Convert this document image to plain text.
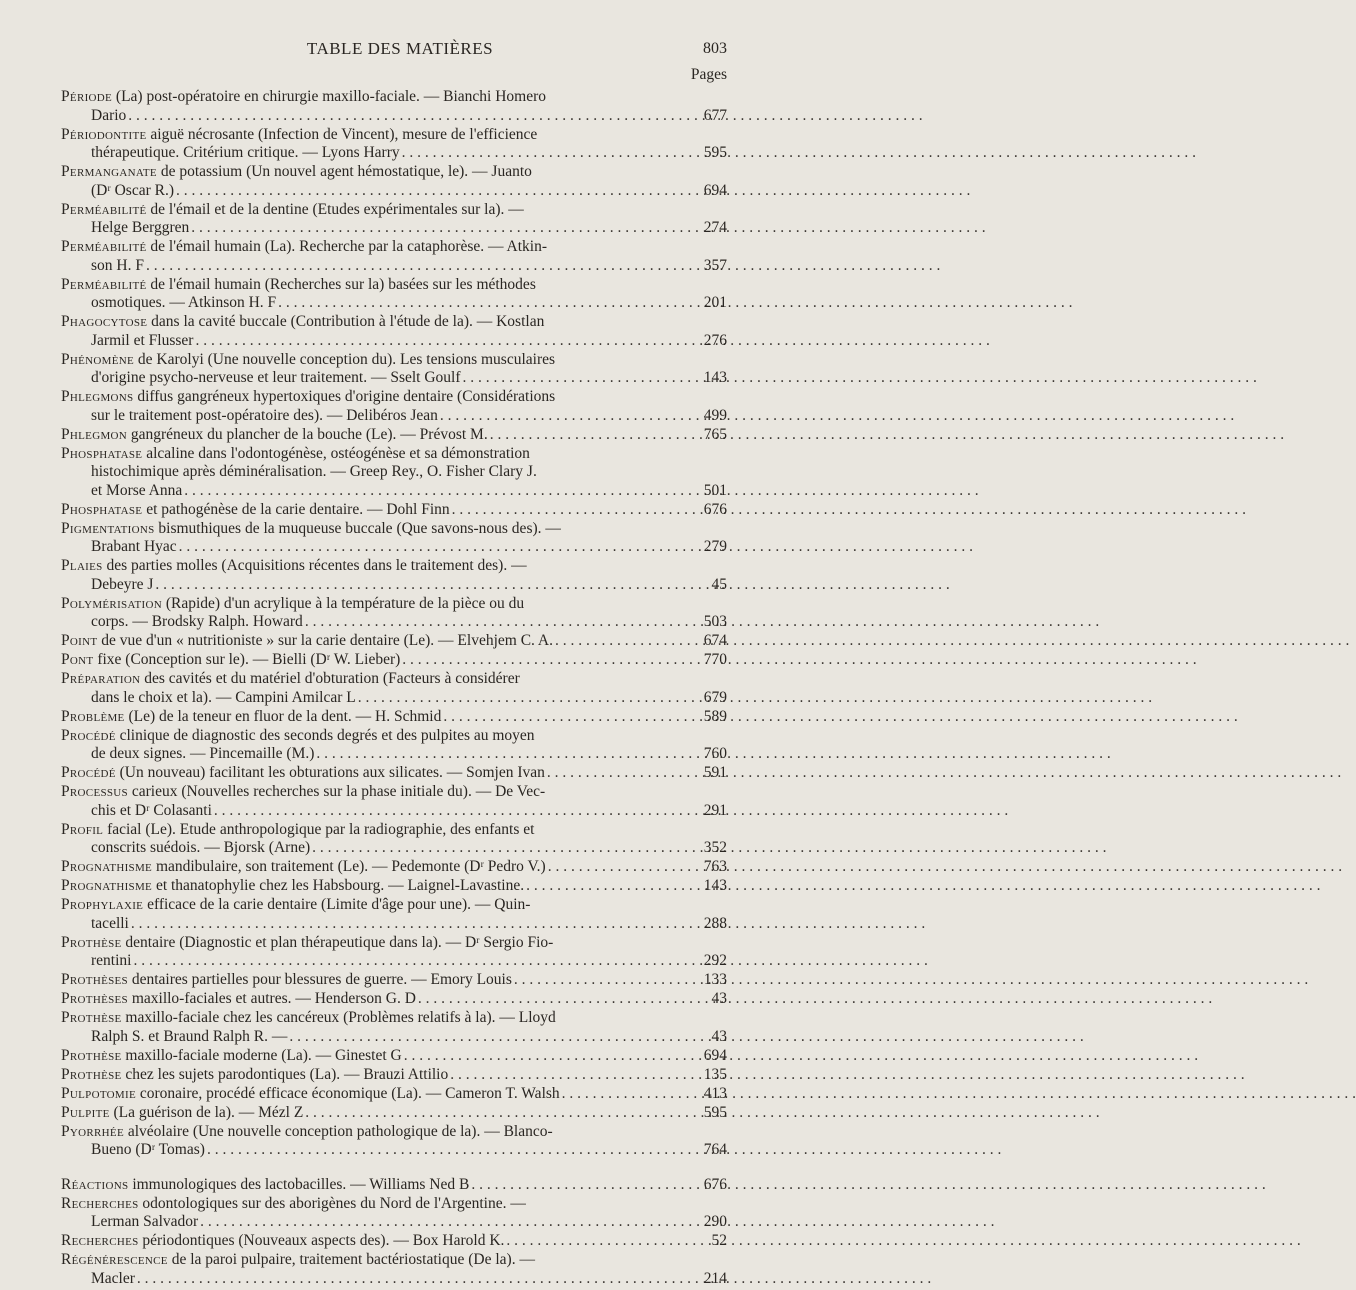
TABLE DES MATIÈRES	803
Pages
Période (La) post-opératoire en chirurgie maxillo-faciale. — Bianchi Homero
Dario . . .	677
Périodontite aiguë nécrosante (Infection de Vincent), mesure de l'efficience
thérapeutique. Critérium critique. — Lyons Harry . . .	595
Permanganate de potassium (Un nouvel agent hémostatique, le). — Juanto
(Dʳ Oscar R.) . . .	694
Perméabilité de l'émail et de la dentine (Etudes expérimentales sur la). —
Helge Berggren . . .	274
Perméabilité de l'émail humain (La). Recherche par la cataphorèse. — Atkin-
son H. F . . .	357
Perméabilité de l'émail humain (Recherches sur la) basées sur les méthodes
osmotiques. — Atkinson H. F . . .	201
Phagocytose dans la cavité buccale (Contribution à l'étude de la). — Kostlan
Jarmil et Flusser . . .	276
Phénomène de Karolyi (Une nouvelle conception du). Les tensions musculaires
d'origine psycho-nerveuse et leur traitement. — Sselt Goulf . . .	143
Phlegmons diffus gangréneux hypertoxiques d'origine dentaire (Considérations
sur le traitement post-opératoire des). — Delibéros Jean . . .	499
Phlegmon gangréneux du plancher de la bouche (Le). — Prévost M. . . .	765
Phosphatase alcaline dans l'odontogénèse, ostéogénèse et sa démonstration
histochimique après déminéralisation. — Greep Rey., O. Fisher Clary J.
et Morse Anna . . .	501
Phosphatase et pathogénèse de la carie dentaire. — Dohl Finn . . .	676
Pigmentations bismuthiques de la muqueuse buccale (Que savons-nous des). —
Brabant Hyac . . .	279
Plaies des parties molles (Acquisitions récentes dans le traitement des). —
Debeyre J . . .	45
Polymérisation (Rapide) d'un acrylique à la température de la pièce ou du
corps. — Brodsky Ralph. Howard . . .	503
Point de vue d'un « nutritioniste » sur la carie dentaire (Le). — Elvehjem C. A. . . .	674
Pont fixe (Conception sur le). — Bielli (Dʳ W. Lieber) . . .	770
Préparation des cavités et du matériel d'obturation (Facteurs à considérer
dans le choix et la). — Campini Amilcar L . . .	679
Problème (Le) de la teneur en fluor de la dent. — H. Schmid . . .	589
Procédé clinique de diagnostic des seconds degrés et des pulpites au moyen
de deux signes. — Pincemaille (M.) . . .	760
Procédé (Un nouveau) facilitant les obturations aux silicates. — Somjen Ivan . . .	591
Processus carieux (Nouvelles recherches sur la phase initiale du). — De Vec-
chis et Dʳ Colasanti . . .	291
Profil facial (Le). Etude anthropologique par la radiographie, des enfants et
conscrits suédois. — Bjorsk (Arne) . . .	352
Prognathisme mandibulaire, son traitement (Le). — Pedemonte (Dʳ Pedro V.) . . .	763
Prognathisme et thanatophylie chez les Habsbourg. — Laignel-Lavastine. . . .	143
Prophylaxie efficace de la carie dentaire (Limite d'âge pour une). — Quin-
tacelli . . .	288
Prothèse dentaire (Diagnostic et plan thérapeutique dans la). — Dʳ Sergio Fio-
rentini . . .	292
Prothèses dentaires partielles pour blessures de guerre. — Emory Louis . . .	133
Prothèses maxillo-faciales et autres. — Henderson G. D . . .	43
Prothèse maxillo-faciale chez les cancéreux (Problèmes relatifs à la). — Lloyd
Ralph S. et Braund Ralph R. — . . .	43
Prothèse maxillo-faciale moderne (La). — Ginestet G . . .	694
Prothèse chez les sujets parodontiques (La). — Brauzi Attilio . . .	135
Pulpotomie coronaire, procédé efficace économique (La). — Cameron T. Walsh . . .	413
Pulpite (La guérison de la). — Mézl Z . . .	595
Pyorrhée alvéolaire (Une nouvelle conception pathologique de la). — Blanco-
Bueno (Dʳ Tomas) . . .	764
Réactions immunologiques des lactobacilles. — Williams Ned B . . .	676
Recherches odontologiques sur des aborigènes du Nord de l'Argentine. —
Lerman Salvador . . .	290
Recherches périodontiques (Nouveaux aspects des). — Box Harold K. . . .	52
Régénérescence de la paroi pulpaire, traitement bactériostatique (De la). —
Macler . . .	214
